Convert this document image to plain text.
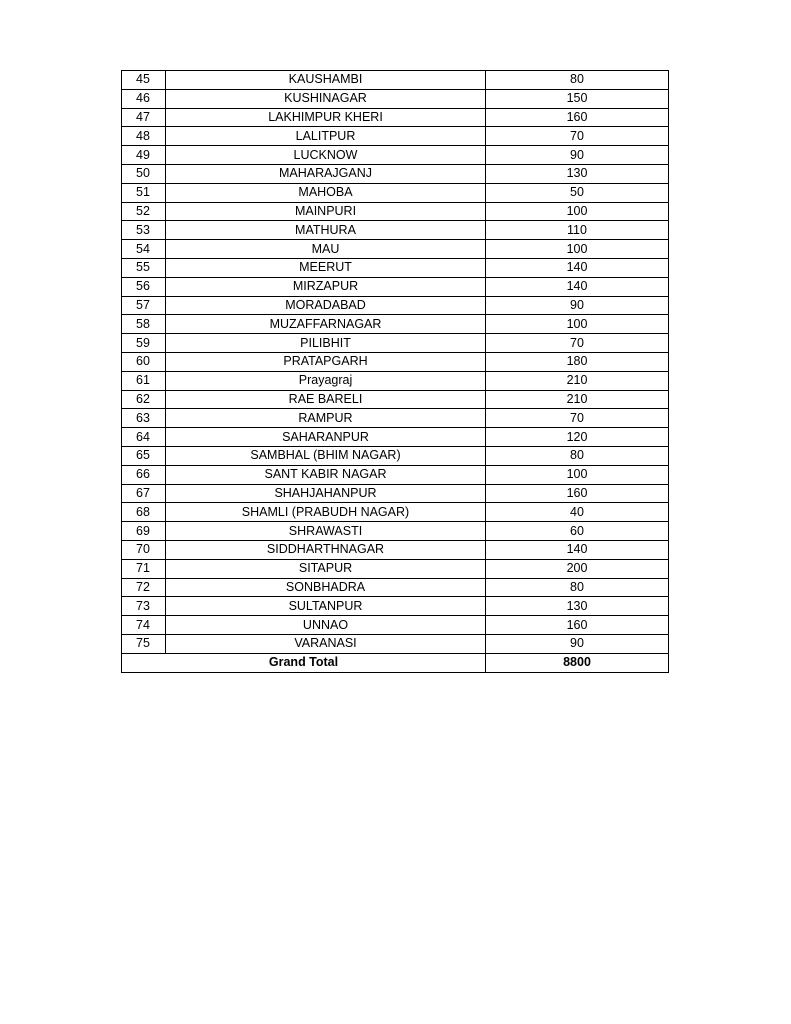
45	KAUSHAMBI	80
46	KUSHINAGAR	150
47	LAKHIMPUR KHERI	160
48	LALITPUR	70
49	LUCKNOW	90
50	MAHARAJGANJ	130
51	MAHOBA	50
52	MAINPURI	100
53	MATHURA	110
54	MAU	100
55	MEERUT	140
56	MIRZAPUR	140
57	MORADABAD	90
58	MUZAFFARNAGAR	100
59	PILIBHIT	70
60	PRATAPGARH	180
61	Prayagraj	210
62	RAE BARELI	210
63	RAMPUR	70
64	SAHARANPUR	120
65	SAMBHAL (BHIM NAGAR)	80
66	SANT KABIR NAGAR	100
67	SHAHJAHANPUR	160
68	SHAMLI (PRABUDH NAGAR)	40
69	SHRAWASTI	60
70	SIDDHARTHNAGAR	140
71	SITAPUR	200
72	SONBHADRA	80
73	SULTANPUR	130
74	UNNAO	160
75	VARANASI	90
Grand Total		8800
